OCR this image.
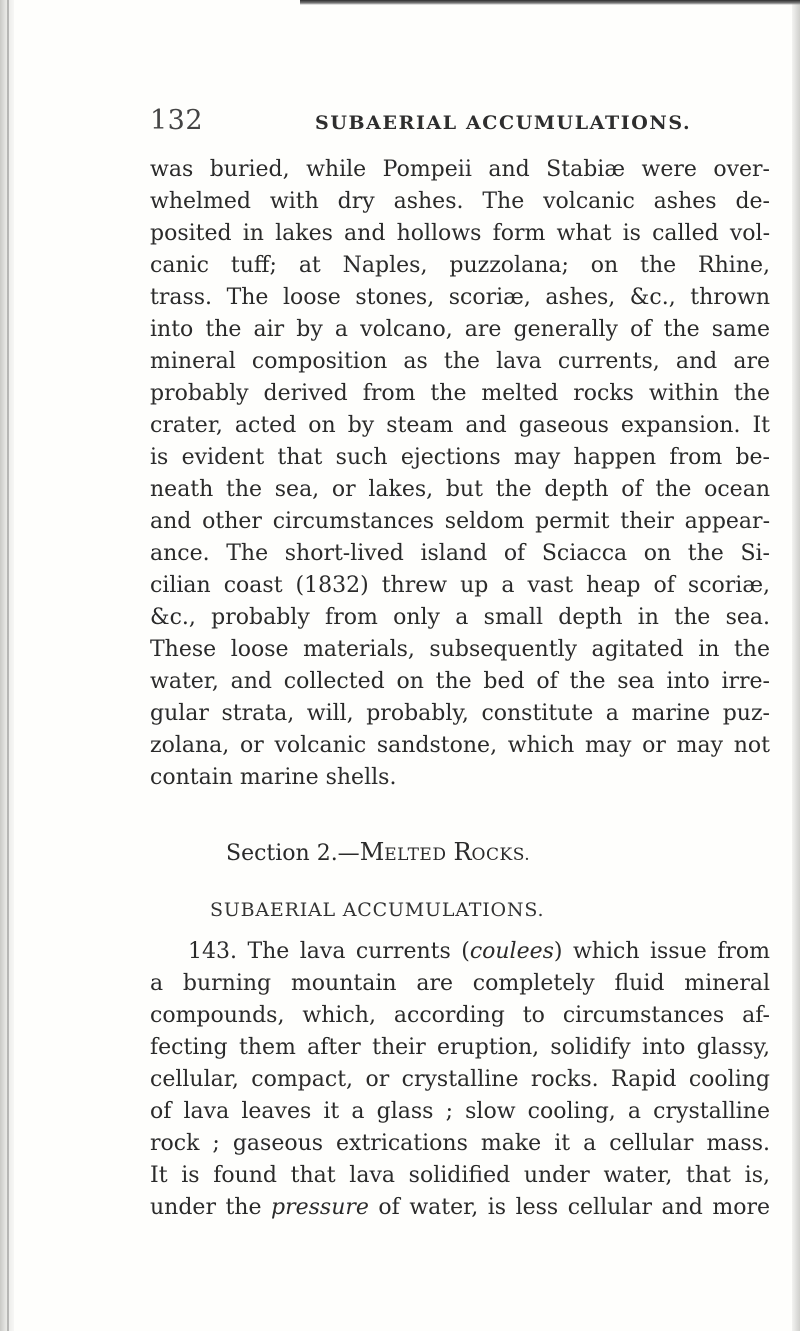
132	SUBAERIAL ACCUMULATIONS.
was buried, while Pompeii and Stabiæ were over-
whelmed with dry ashes. The volcanic ashes de-
posited in lakes and hollows form what is called vol-
canic tuff; at Naples, puzzolana; on the Rhine,
trass. The loose stones, scoriæ, ashes, &c., thrown
into the air by a volcano, are generally of the same
mineral composition as the lava currents, and are
probably derived from the melted rocks within the
crater, acted on by steam and gaseous expansion. It
is evident that such ejections may happen from be-
neath the sea, or lakes, but the depth of the ocean
and other circumstances seldom permit their appear-
ance. The short-lived island of Sciacca on the Si-
cilian coast (1832) threw up a vast heap of scoriæ,
&c., probably from only a small depth in the sea.
These loose materials, subsequently agitated in the
water, and collected on the bed of the sea into irre-
gular strata, will, probably, constitute a marine puz-
zolana, or volcanic sandstone, which may or may not
contain marine shells.
Section 2.—MELTED ROCKS.
SUBAERIAL ACCUMULATIONS.
143. The lava currents (coulees) which issue from
a burning mountain are completely fluid mineral
compounds, which, according to circumstances af-
fecting them after their eruption, solidify into glassy,
cellular, compact, or crystalline rocks. Rapid cooling
of lava leaves it a glass ; slow cooling, a crystalline
rock ; gaseous extrications make it a cellular mass.
It is found that lava solidified under water, that is,
under the pressure of water, is less cellular and more
